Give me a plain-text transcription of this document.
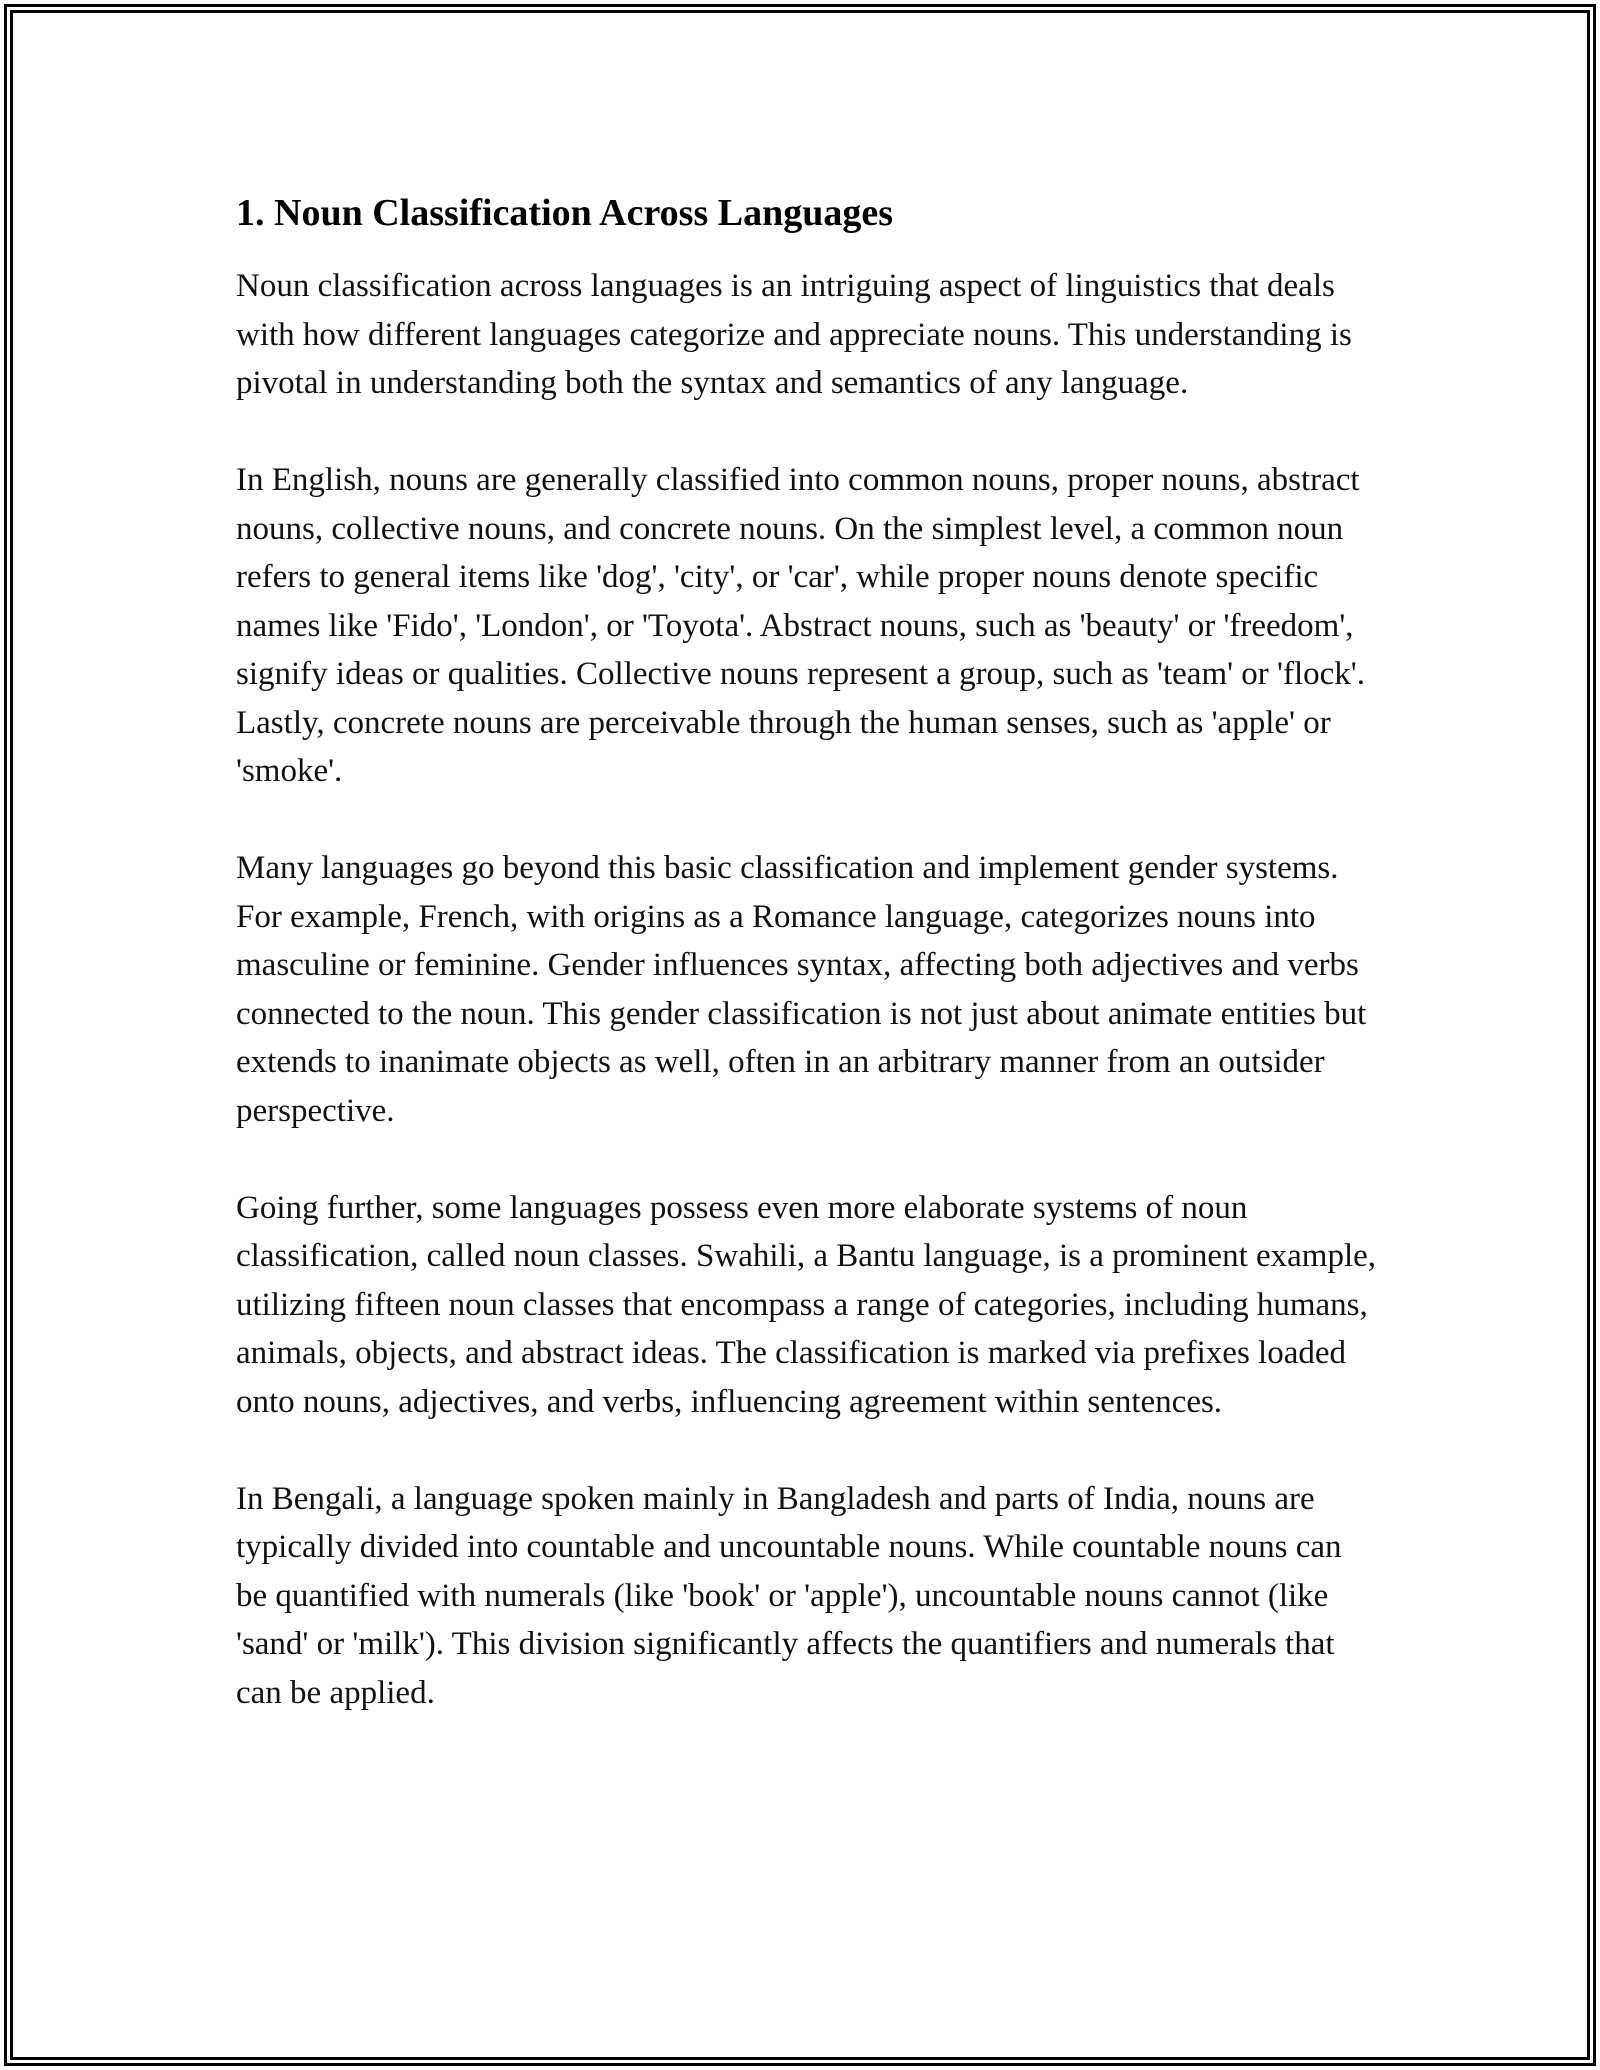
1. Noun Classification Across Languages

Noun classification across languages is an intriguing aspect of linguistics that deals with how different languages categorize and appreciate nouns. This understanding is pivotal in understanding both the syntax and semantics of any language.

In English, nouns are generally classified into common nouns, proper nouns, abstract nouns, collective nouns, and concrete nouns. On the simplest level, a common noun refers to general items like 'dog', 'city', or 'car', while proper nouns denote specific names like 'Fido', 'London', or 'Toyota'. Abstract nouns, such as 'beauty' or 'freedom', signify ideas or qualities. Collective nouns represent a group, such as 'team' or 'flock'. Lastly, concrete nouns are perceivable through the human senses, such as 'apple' or 'smoke'.

Many languages go beyond this basic classification and implement gender systems. For example, French, with origins as a Romance language, categorizes nouns into masculine or feminine. Gender influences syntax, affecting both adjectives and verbs connected to the noun. This gender classification is not just about animate entities but extends to inanimate objects as well, often in an arbitrary manner from an outsider perspective.

Going further, some languages possess even more elaborate systems of noun classification, called noun classes. Swahili, a Bantu language, is a prominent example, utilizing fifteen noun classes that encompass a range of categories, including humans, animals, objects, and abstract ideas. The classification is marked via prefixes loaded onto nouns, adjectives, and verbs, influencing agreement within sentences.

In Bengali, a language spoken mainly in Bangladesh and parts of India, nouns are typically divided into countable and uncountable nouns. While countable nouns can be quantified with numerals (like 'book' or 'apple'), uncountable nouns cannot (like 'sand' or 'milk'). This division significantly affects the quantifiers and numerals that can be applied.
